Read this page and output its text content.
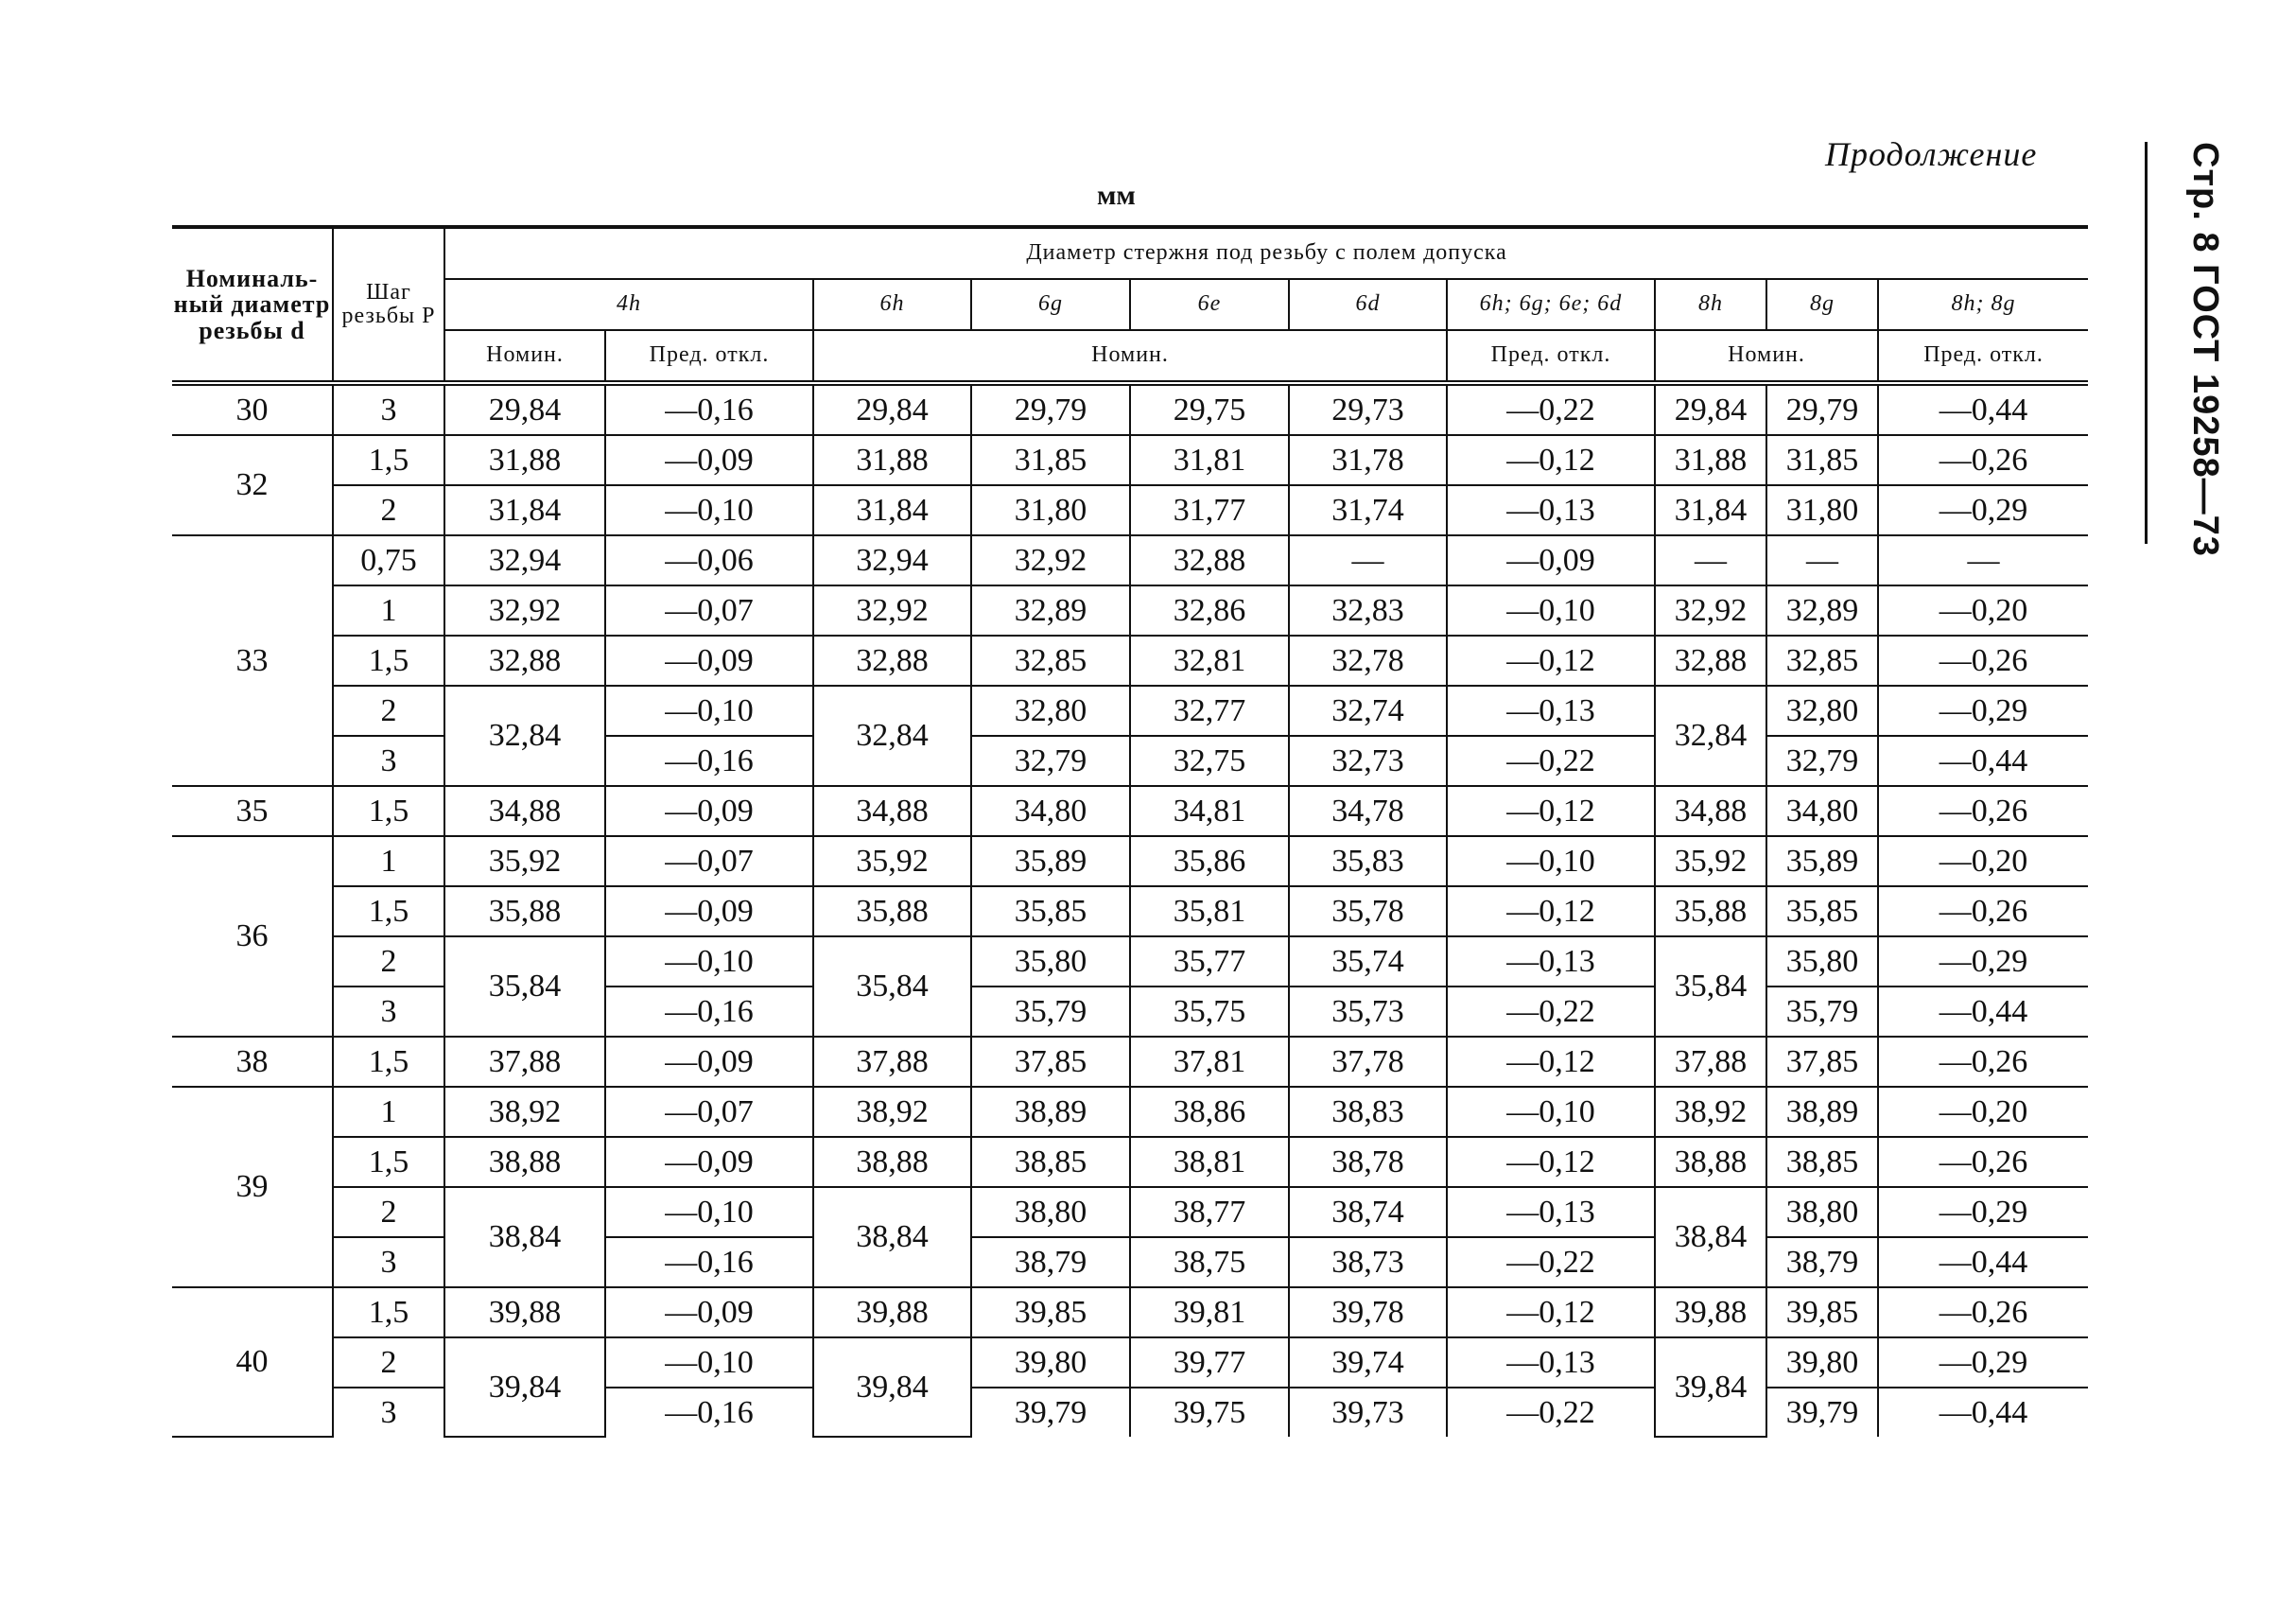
Продолжение
мм	Стр. 8 ГОСТ 19258—73
Номиналь-ный диаметр резьбы d	Шаг резьбы P	Диаметр стержня под резьбу с полем допуска									
		4h		6h	6g	6e	6d	6h; 6g; 6e; 6d	8h	8g	8h; 8g
		Номин.	Пред. откл.	Номин.				Пред. откл.	Номин.		Пред. откл.
30	3	29,84	—0,16	29,84	29,79	29,75	29,73	—0,22	29,84	29,79	—0,44
32	1,5	31,88	—0,09	31,88	31,85	31,81	31,78	—0,12	31,88	31,85	—0,26
	2	31,84	—0,10	31,84	31,80	31,77	31,74	—0,13	31,84	31,80	—0,29
33	0,75	32,94	—0,06	32,94	32,92	32,88	—	—0,09	—	—	—
	1	32,92	—0,07	32,92	32,89	32,86	32,83	—0,10	32,92	32,89	—0,20
	1,5	32,88	—0,09	32,88	32,85	32,81	32,78	—0,12	32,88	32,85	—0,26
	2	32,84	—0,10	32,84	32,80	32,77	32,74	—0,13	32,84	32,80	—0,29
	3		—0,16		32,79	32,75	32,73	—0,22		32,79	—0,44
35	1,5	34,88	—0,09	34,88	34,80	34,81	34,78	—0,12	34,88	34,80	—0,26
36	1	35,92	—0,07	35,92	35,89	35,86	35,83	—0,10	35,92	35,89	—0,20
	1,5	35,88	—0,09	35,88	35,85	35,81	35,78	—0,12	35,88	35,85	—0,26
	2	35,84	—0,10	35,84	35,80	35,77	35,74	—0,13	35,84	35,80	—0,29
	3		—0,16		35,79	35,75	35,73	—0,22		35,79	—0,44
38	1,5	37,88	—0,09	37,88	37,85	37,81	37,78	—0,12	37,88	37,85	—0,26
39	1	38,92	—0,07	38,92	38,89	38,86	38,83	—0,10	38,92	38,89	—0,20
	1,5	38,88	—0,09	38,88	38,85	38,81	38,78	—0,12	38,88	38,85	—0,26
	2	38,84	—0,10	38,84	38,80	38,77	38,74	—0,13	38,84	38,80	—0,29
	3		—0,16		38,79	38,75	38,73	—0,22		38,79	—0,44
40	1,5	39,88	—0,09	39,88	39,85	39,81	39,78	—0,12	39,88	39,85	—0,26
	2	39,84	—0,10	39,84	39,80	39,77	39,74	—0,13	39,84	39,80	—0,29
	3		—0,16		39,79	39,75	39,73	—0,22		39,79	—0,44
